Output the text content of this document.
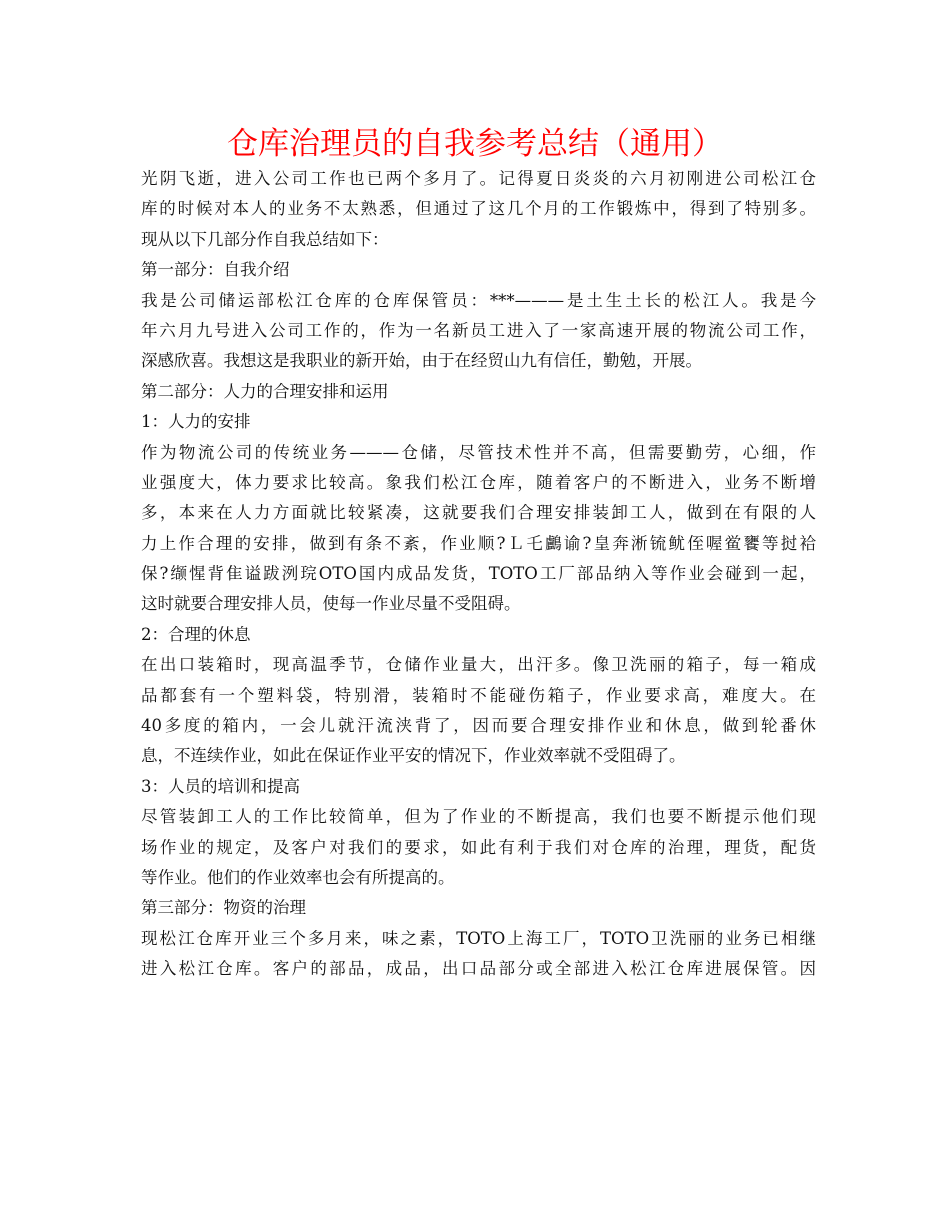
仓库治理员的自我参考总结（通用）
光阴飞逝，进入公司工作也已两个多月了。记得夏日炎炎的六月初刚进公司松江仓
库的时候对本人的业务不太熟悉，但通过了这几个月的工作锻炼中，得到了特别多。
现从以下几部分作自我总结如下：
第一部分：自我介绍
我是公司储运部松江仓库的仓库保管员：***———是土生土长的松江人。我是今
年六月九号进入公司工作的，作为一名新员工进入了一家高速开展的物流公司工作，
深感欣喜。我想这是我职业的新开始，由于在经贸山九有信任，勤勉，开展。
第二部分：人力的合理安排和运用
1：人力的安排
作为物流公司的传统业务———仓储，尽管技术性并不高，但需要勤劳，心细，作
业强度大，体力要求比较高。象我们松江仓库，随着客户的不断进入，业务不断增
多，本来在人力方面就比较紧凑，这就要我们合理安排装卸工人，做到在有限的人
力上作合理的安排，做到有条不紊，作业顺?Ｌ乇鸕谕?皇奔淅锍鱿侄喔鲎饔等挝袷
保?缬惺背隹谥跋洌琓OTO国内成品发货，TOTO工厂部品纳入等作业会碰到一起，
这时就要合理安排人员，使每一作业尽量不受阻碍。
2：合理的休息
在出口装箱时，现高温季节，仓储作业量大，出汗多。像卫洗丽的箱子，每一箱成
品都套有一个塑料袋，特别滑，装箱时不能碰伤箱子，作业要求高，难度大。在
40多度的箱内，一会儿就汗流浃背了，因而要合理安排作业和休息，做到轮番休
息，不连续作业，如此在保证作业平安的情况下，作业效率就不受阻碍了。
3：人员的培训和提高
尽管装卸工人的工作比较简单，但为了作业的不断提高，我们也要不断提示他们现
场作业的规定，及客户对我们的要求，如此有利于我们对仓库的治理，理货，配货
等作业。他们的作业效率也会有所提高的。
第三部分：物资的治理
现松江仓库开业三个多月来，味之素，TOTO上海工厂，TOTO卫洗丽的业务已相继
进入松江仓库。客户的部品，成品，出口品部分或全部进入松江仓库进展保管。因
